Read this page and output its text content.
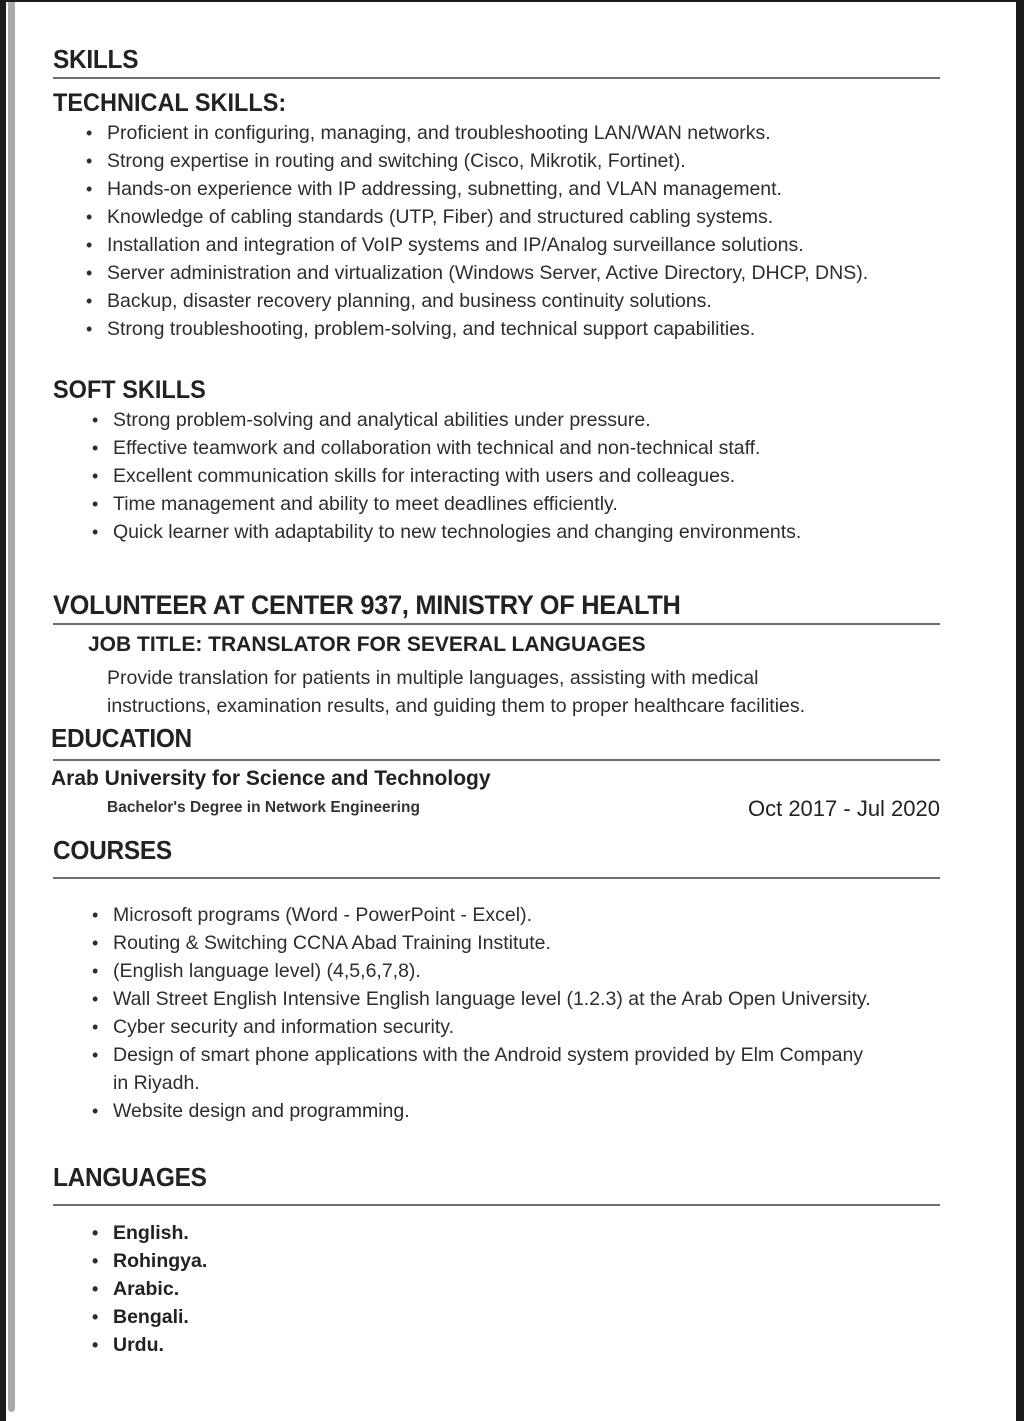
SKILLS
TECHNICAL SKILLS:
• Proficient in configuring, managing, and troubleshooting LAN/WAN networks.
• Strong expertise in routing and switching (Cisco, Mikrotik, Fortinet).
• Hands-on experience with IP addressing, subnetting, and VLAN management.
• Knowledge of cabling standards (UTP, Fiber) and structured cabling systems.
• Installation and integration of VoIP systems and IP/Analog surveillance solutions.
• Server administration and virtualization (Windows Server, Active Directory, DHCP, DNS).
• Backup, disaster recovery planning, and business continuity solutions.
• Strong troubleshooting, problem-solving, and technical support capabilities.
SOFT SKILLS
• Strong problem-solving and analytical abilities under pressure.
• Effective teamwork and collaboration with technical and non-technical staff.
• Excellent communication skills for interacting with users and colleagues.
• Time management and ability to meet deadlines efficiently.
• Quick learner with adaptability to new technologies and changing environments.
VOLUNTEER AT CENTER 937, MINISTRY OF HEALTH
JOB TITLE: TRANSLATOR FOR SEVERAL LANGUAGES
Provide translation for patients in multiple languages, assisting with medical
instructions, examination results, and guiding them to proper healthcare facilities.
EDUCATION
Arab University for Science and Technology
Bachelor's Degree in Network Engineering	Oct 2017 - Jul 2020
COURSES
• Microsoft programs (Word - PowerPoint - Excel).
• Routing & Switching CCNA Abad Training Institute.
• (English language level) (4,5,6,7,8).
• Wall Street English Intensive English language level (1.2.3) at the Arab Open University.
• Cyber security and information security.
• Design of smart phone applications with the Android system provided by Elm Company in Riyadh.
• Website design and programming.
LANGUAGES
• English.
• Rohingya.
• Arabic.
• Bengali.
• Urdu.
